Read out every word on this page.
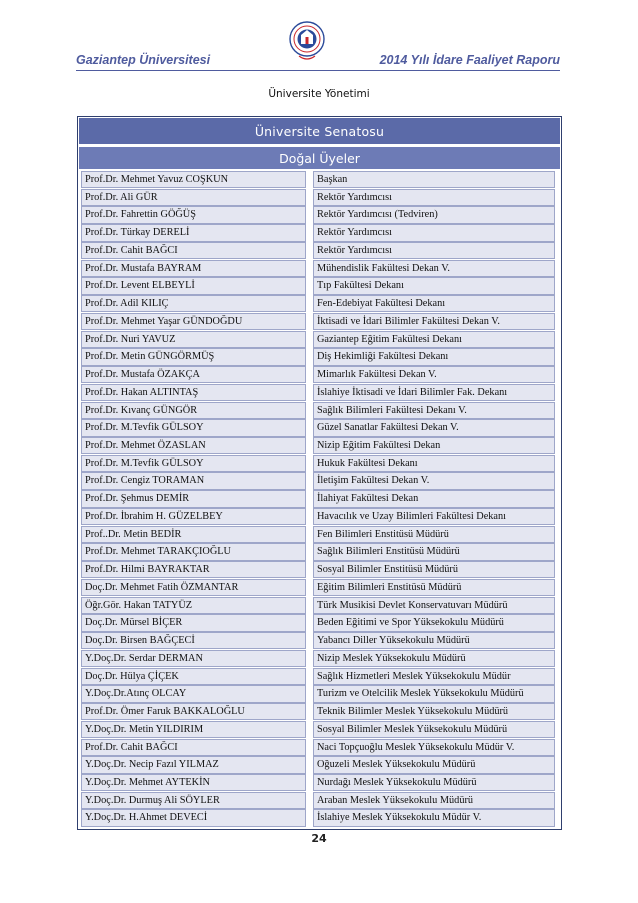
Gaziantep Üniversitesi	2014 Yılı İdare Faaliyet Raporu
Üniversite Yönetimi
Üniversite Senatosu
Doğal Üyeler
Prof.Dr. Mehmet Yavuz COŞKUN	Başkan
Prof.Dr. Ali GÜR	Rektör Yardımcısı
Prof.Dr. Fahrettin GÖĞÜŞ	Rektör Yardımcısı (Tedviren)
Prof.Dr. Türkay DERELİ	Rektör Yardımcısı
Prof.Dr. Cahit BAĞCI	Rektör Yardımcısı
Prof.Dr. Mustafa BAYRAM	Mühendislik Fakültesi Dekan V.
Prof.Dr. Levent ELBEYLİ	Tıp Fakültesi Dekanı
Prof.Dr. Adil KILIÇ	Fen-Edebiyat Fakültesi Dekanı
Prof.Dr. Mehmet Yaşar GÜNDOĞDU	İktisadi ve İdari Bilimler Fakültesi Dekan V.
Prof.Dr. Nuri YAVUZ	Gaziantep Eğitim Fakültesi Dekanı
Prof.Dr. Metin GÜNGÖRMÜŞ	Diş Hekimliği Fakültesi Dekanı
Prof.Dr. Mustafa ÖZAKÇA	Mimarlık Fakültesi Dekan V.
Prof.Dr. Hakan ALTINTAŞ	İslahiye İktisadi ve İdari Bilimler Fak. Dekanı
Prof.Dr. Kıvanç GÜNGÖR	Sağlık Bilimleri Fakültesi Dekanı V.
Prof.Dr. M.Tevfik GÜLSOY	Güzel Sanatlar Fakültesi Dekan V.
Prof.Dr. Mehmet ÖZASLAN	Nizip Eğitim Fakültesi Dekan
Prof.Dr. M.Tevfik GÜLSOY	Hukuk Fakültesi Dekanı
Prof.Dr. Cengiz TORAMAN	İletişim Fakültesi Dekan V.
Prof.Dr. Şehmus DEMİR	İlahiyat Fakültesi Dekan
Prof.Dr. İbrahim H. GÜZELBEY	Havacılık ve Uzay Bilimleri Fakültesi Dekanı
Prof..Dr. Metin BEDİR	Fen Bilimleri Enstitüsü Müdürü
Prof.Dr. Mehmet TARAKÇIOĞLU	Sağlık Bilimleri Enstitüsü Müdürü
Prof.Dr. Hilmi BAYRAKTAR	Sosyal Bilimler Enstitüsü Müdürü
Doç.Dr. Mehmet Fatih ÖZMANTAR	Eğitim Bilimleri Enstitüsü Müdürü
Öğr.Gör. Hakan TATYÜZ	Türk Musikisi Devlet Konservatuvarı Müdürü
Doç.Dr. Mürsel BİÇER	Beden Eğitimi ve Spor Yüksekokulu Müdürü
Doç.Dr. Birsen BAĞÇECİ	Yabancı Diller Yüksekokulu Müdürü
Y.Doç.Dr. Serdar DERMAN	Nizip Meslek Yüksekokulu Müdürü
Doç.Dr. Hülya ÇİÇEK	Sağlık Hizmetleri Meslek Yüksekokulu Müdür
Y.Doç.Dr.Atınç OLCAY	Turizm ve Otelcilik Meslek Yüksekokulu Müdürü
Prof.Dr. Ömer Faruk BAKKALOĞLU	Teknik Bilimler Meslek Yüksekokulu Müdürü
Y.Doç.Dr. Metin YILDIRIM	Sosyal Bilimler Meslek Yüksekokulu Müdürü
Prof.Dr. Cahit BAĞCI	Naci Topçuoğlu Meslek Yüksekokulu Müdür V.
Y.Doç.Dr. Necip Fazıl YILMAZ	Oğuzeli Meslek Yüksekokulu Müdürü
Y.Doç.Dr. Mehmet AYTEKİN	Nurdağı Meslek Yüksekokulu Müdürü
Y.Doç.Dr. Durmuş Ali SÖYLER	Araban Meslek Yüksekokulu Müdürü
Y.Doç.Dr. H.Ahmet DEVECİ	İslahiye Meslek Yüksekokulu Müdür V.
24
